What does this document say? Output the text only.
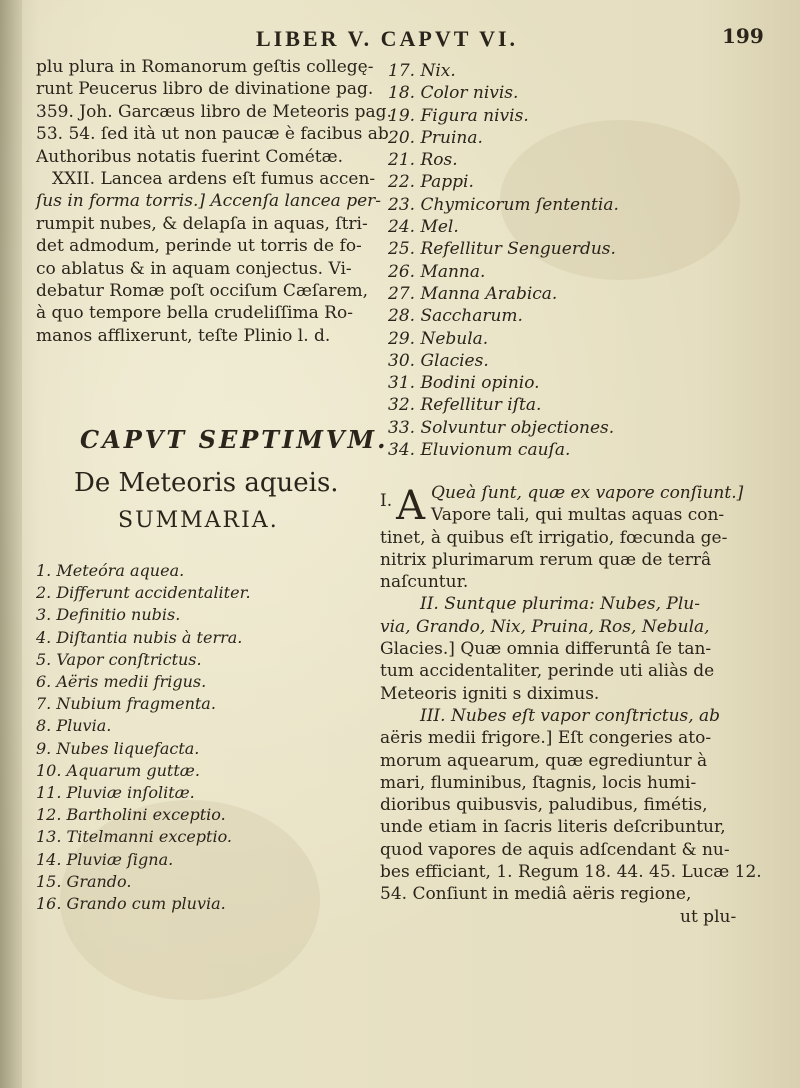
LIBER V. CAPVT VI.	199
plu plura in Romanorum geſtis collegę-
runt Peucerus libro de divinatione pag.
359. Joh. Garcæus libro de Meteoris pag.
53. 54. ſed ità ut non paucæ è facibus ab
Authoribus notatis fuerint Cométæ.
XXII. Lancea ardens eſt fumus accen-
ſus in forma torris.] Accenſa lancea per-
rumpit nubes, & delapſa in aquas, ſtri-
det admodum, perinde ut torris de fo-
co ablatus & in aquam conjectus. Vi-
debatur Romæ poſt occiſum Cæſarem,
à quo tempore bella crudeliſſima Ro-
manos afflixerunt, teſte Plinio l. d.
CAPVT SEPTIMVM.
De Meteoris aqueis.
SUMMARIA.
1. Meteóra aquea.
2. Differunt accidentaliter.
3. Definitio nubis.
4. Diſtantia nubis à terra.
5. Vapor conſtrictus.
6. Aëris medii frigus.
7. Nubium fragmenta.
8. Pluvia.
9. Nubes liquefacta.
10. Aquarum guttæ.
11. Pluviæ inſolitæ.
12. Bartholini exceptio.
13. Titelmanni exceptio.
14. Pluviæ ſigna.
15. Grando.
16. Grando cum pluvia.
17. Nix.
18. Color nivis.
19. Figura nivis.
20. Pruina.
21. Ros.
22. Pappi.
23. Chymicorum ſententia.
24. Mel.
25. Refellitur Senguerdus.
26. Manna.
27. Manna Arabica.
28. Saccharum.
29. Nebula.
30. Glacies.
31. Bodini opinio.
32. Refellitur iſta.
33. Solvuntur objectiones.
34. Eluvionum cauſa.
I. A Queà ſunt, quæ ex vapore conſiunt.]
Vapore tali, qui multas aquas con-
tinet, à quibus eſt irrigatio, fœcunda ge-
nitrix plurimarum rerum quæ de terrâ
naſcuntur.
II. Suntque plurima: Nubes, Plu-
via, Grando, Nix, Pruina, Ros, Nebula,
Glacies.] Quæ omnia differuntâ ſe tan-
tum accidentaliter, perinde uti aliàs de
Meteoris igniti s diximus.
III. Nubes eſt vapor conſtrictus, ab
aëris medii frigore.] Eſt congeries ato-
morum aquearum, quæ egrediuntur à
mari, fluminibus, ſtagnis, locis humi-
dioribus quibusvis, paludibus, fimétis,
unde etiam in ſacris literis deſcribuntur,
quod vapores de aquis adſcendant & nu-
bes efficiant, 1. Regum 18. 44. 45. Lucæ 12.
54. Conſiunt in mediâ aëris regione,
ut plu-
